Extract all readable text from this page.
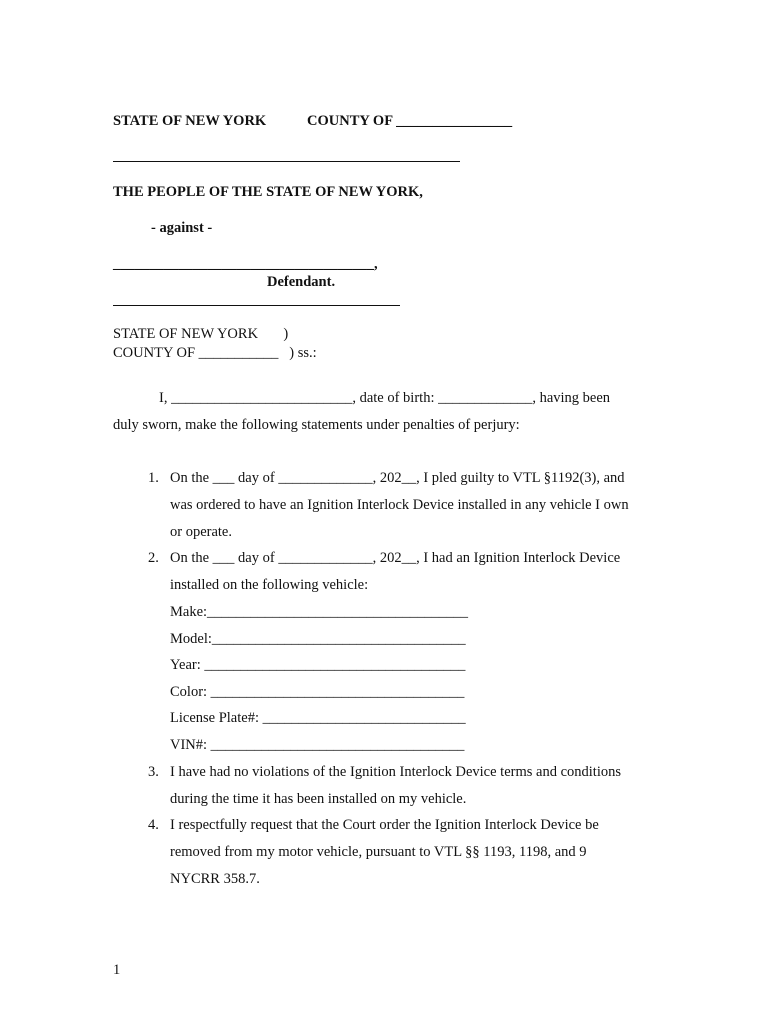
STATE OF NEW YORK	COUNTY OF ________________
THE PEOPLE OF THE STATE OF NEW YORK,
- against -
____________________________________,
Defendant.
STATE OF NEW YORK       )
COUNTY OF ___________   ) ss.:
I, _________________________, date of birth: _____________, having been
duly sworn, make the following statements under penalties of perjury:
1. On the ___ day of _____________, 202__, I pled guilty to VTL §1192(3), and
was ordered to have an Ignition Interlock Device installed in any vehicle I own
or operate.
2. On the ___ day of _____________, 202__, I had an Ignition Interlock Device
installed on the following vehicle:
Make:____________________________________
Model:___________________________________
Year: ____________________________________
Color: ___________________________________
License Plate#: ____________________________
VIN#: ___________________________________
3. I have had no violations of the Ignition Interlock Device terms and conditions
during the time it has been installed on my vehicle.
4. I respectfully request that the Court order the Ignition Interlock Device be
removed from my motor vehicle, pursuant to VTL §§ 1193, 1198, and 9
NYCRR 358.7.
1
